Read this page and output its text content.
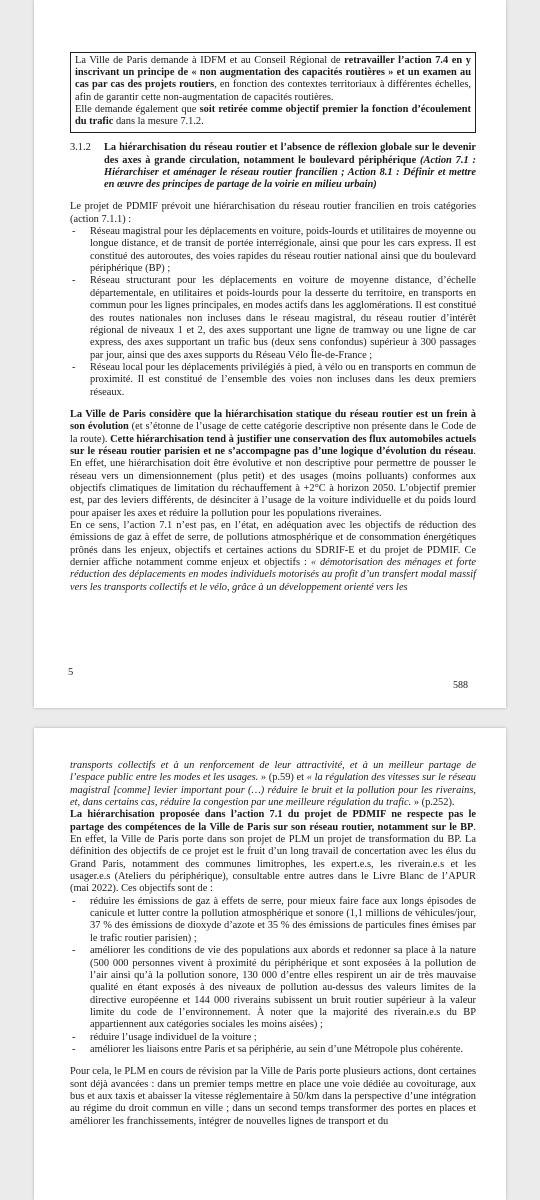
La Ville de Paris demande à IDFM et au Conseil Régional de retravailler l’action 7.4 en y inscrivant un principe de « non augmentation des capacités routières » et un examen au cas par cas des projets routiers, en fonction des contextes territoriaux à différentes échelles, afin de garantir cette non-augmentation de capacités routières.

Elle demande également que soit retirée comme objectif premier la fonction d’écoulement du trafic dans la mesure 7.1.2.

3.1.2	La hiérarchisation du réseau routier et l’absence de réflexion globale sur le devenir des axes à grande circulation, notamment le boulevard périphérique (Action 7.1 : Hiérarchiser et aménager le réseau routier francilien ; Action 8.1 : Définir et mettre en œuvre des principes de partage de la voirie en milieu urbain)

Le projet de PDMIF prévoit une hiérarchisation du réseau routier francilien en trois catégories (action 7.1.1) :

-	Réseau magistral pour les déplacements en voiture, poids-lourds et utilitaires de moyenne ou longue distance, et de transit de portée interrégionale, ainsi que pour les cars express. Il est constitué des autoroutes, des voies rapides du réseau routier national ainsi que du boulevard périphérique (BP) ;
-	Réseau structurant pour les déplacements en voiture de moyenne distance, d’échelle départementale, en utilitaires et poids-lourds pour la desserte du territoire, en transports en commun pour les lignes principales, en modes actifs dans les agglomérations. Il est constitué des routes nationales non incluses dans le réseau magistral, du réseau routier d’intérêt régional de niveaux 1 et 2, des axes supportant une ligne de tramway ou une ligne de car express, des axes supportant un trafic bus (deux sens confondus) supérieur à 300 passages par jour, ainsi que des axes supports du Réseau Vélo Île-de-France ;
-	Réseau local pour les déplacements privilégiés à pied, à vélo ou en transports en commun de proximité. Il est constitué de l’ensemble des voies non incluses dans les deux premiers réseaux.

La Ville de Paris considère que la hiérarchisation statique du réseau routier est un frein à son évolution (et s’étonne de l’usage de cette catégorie descriptive non présente dans le Code de la route). Cette hiérarchisation tend à justifier une conservation des flux automobiles actuels sur le réseau routier parisien et ne s’accompagne pas d’une logique d’évolution du réseau. En effet, une hiérarchisation doit être évolutive et non descriptive pour permettre de pousser le réseau vers un dimensionnement (plus petit) et des usages (moins polluants) conformes aux objectifs climatiques de limitation du réchauffement à +2°C à horizon 2050. L’objectif premier est, par des leviers différents, de désinciter à l’usage de la voiture individuelle et du poids lourd pour apaiser les axes et réduire la pollution pour les populations riveraines.

En ce sens, l’action 7.1 n’est pas, en l’état, en adéquation avec les objectifs de réduction des émissions de gaz à effet de serre, de pollutions atmosphérique et de consommation énergétiques prônés dans les enjeux, objectifs et certaines actions du SDRIF-E et du projet de PDMIF. Ce dernier affiche notamment comme enjeux et objectifs : « démotorisation des ménages et forte réduction des déplacements en modes individuels motorisés au profit d’un transfert modal massif vers les transports collectifs et le vélo, grâce à un développement orienté vers les

5
588

transports collectifs et à un renforcement de leur attractivité, et à un meilleur partage de l’espace public entre les modes et les usages. » (p.59) et « la régulation des vitesses sur le réseau magistral [comme] levier important pour (…) réduire le bruit et la pollution pour les riverains, et, dans certains cas, réduire la congestion par une meilleure régulation du trafic. » (p.252).

La hiérarchisation proposée dans l’action 7.1 du projet de PDMIF ne respecte pas le partage des compétences de la Ville de Paris sur son réseau routier, notamment sur le BP. En effet, la Ville de Paris porte dans son projet de PLM un projet de transformation du BP. La définition des objectifs de ce projet est le fruit d’un long travail de concertation avec les élus du Grand Paris, notamment des communes limitrophes, les expert.e.s, les riverain.e.s et les usager.e.s (Ateliers du périphérique), consultable entre autres dans le Livre Blanc de l’APUR (mai 2022). Ces objectifs sont de :

-	réduire les émissions de gaz à effets de serre, pour mieux faire face aux longs épisodes de canicule et lutter contre la pollution atmosphérique et sonore (1,1 millions de véhicules/jour, 37 % des émissions de dioxyde d’azote et 35 % des émissions de particules fines émises par le trafic routier parisien) ;
-	améliorer les conditions de vie des populations aux abords et redonner sa place à la nature (500 000 personnes vivent à proximité du périphérique et sont exposées à la pollution de l’air ainsi qu’à la pollution sonore, 130 000 d’entre elles respirent un air de très mauvaise qualité en étant exposés à des niveaux de pollution au-dessus des valeurs limites de la directive européenne et 144 000 riverains subissent un bruit routier supérieur à la valeur limite du code de l’environnement. À noter que la majorité des riverain.e.s du BP appartiennent aux catégories sociales les moins aisées) ;
-	réduire l’usage individuel de la voiture ;
-	améliorer les liaisons entre Paris et sa périphérie, au sein d’une Métropole plus cohérente.

Pour cela, le PLM en cours de révision par la Ville de Paris porte plusieurs actions, dont certaines sont déjà avancées : dans un premier temps mettre en place une voie dédiée au covoiturage, aux bus et aux taxis et abaisser la vitesse réglementaire à 50/km dans la perspective d’une intégration au régime du droit commun en ville ; dans un second temps transformer des portes en places et améliorer les franchissements, intégrer de nouvelles lignes de transport et du
